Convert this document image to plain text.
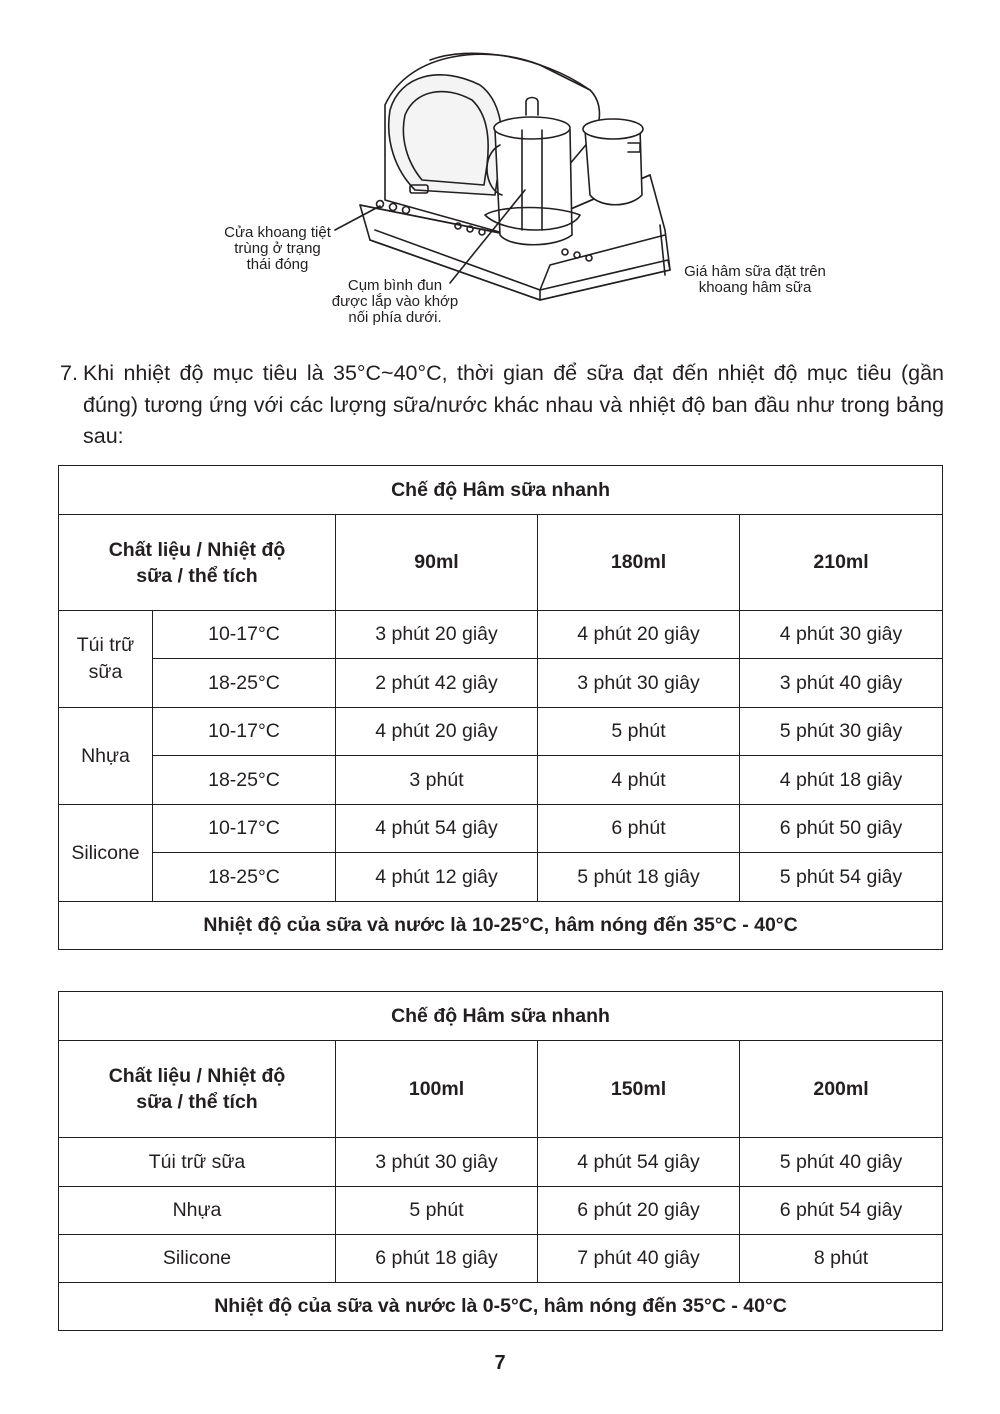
Cửa khoang tiệt
trùng ở trạng
thái đóng
Cụm bình đun
được lắp vào khớp
nối phía dưới.
Giá hâm sữa đặt trên
khoang hâm sữa
7. Khi nhiệt độ mục tiêu là 35°C~40°C, thời gian để sữa đạt đến nhiệt độ mục tiêu (gần đúng) tương ứng với các lượng sữa/nước khác nhau và nhiệt độ ban đầu như trong bảng sau:
Chế độ Hâm sữa nhanh				
Chất liệu / Nhiệt độ sữa / thể tích		90ml	180ml	210ml
Túi trữ sữa	10-17°C	3 phút 20 giây	4 phút 20 giây	4 phút 30 giây
	18-25°C	2 phút 42 giây	3 phút 30 giây	3 phút 40 giây
Nhựa	10-17°C	4 phút 20 giây	5 phút	5 phút 30 giây
	18-25°C	3 phút	4 phút	4 phút 18 giây
Silicone	10-17°C	4 phút 54 giây	6 phút	6 phút 50 giây
	18-25°C	4 phút 12 giây	5 phút 18 giây	5 phút 54 giây
Nhiệt độ của sữa và nước là 10-25°C, hâm nóng đến 35°C - 40°C				
Chế độ Hâm sữa nhanh			
Chất liệu / Nhiệt độ sữa / thể tích	100ml	150ml	200ml
Túi trữ sữa	3 phút 30 giây	4 phút 54 giây	5 phút 40 giây
Nhựa	5 phút	6 phút 20 giây	6 phút 54 giây
Silicone	6 phút 18 giây	7 phút 40 giây	8 phút
Nhiệt độ của sữa và nước là 0-5°C, hâm nóng đến 35°C - 40°C			
7
